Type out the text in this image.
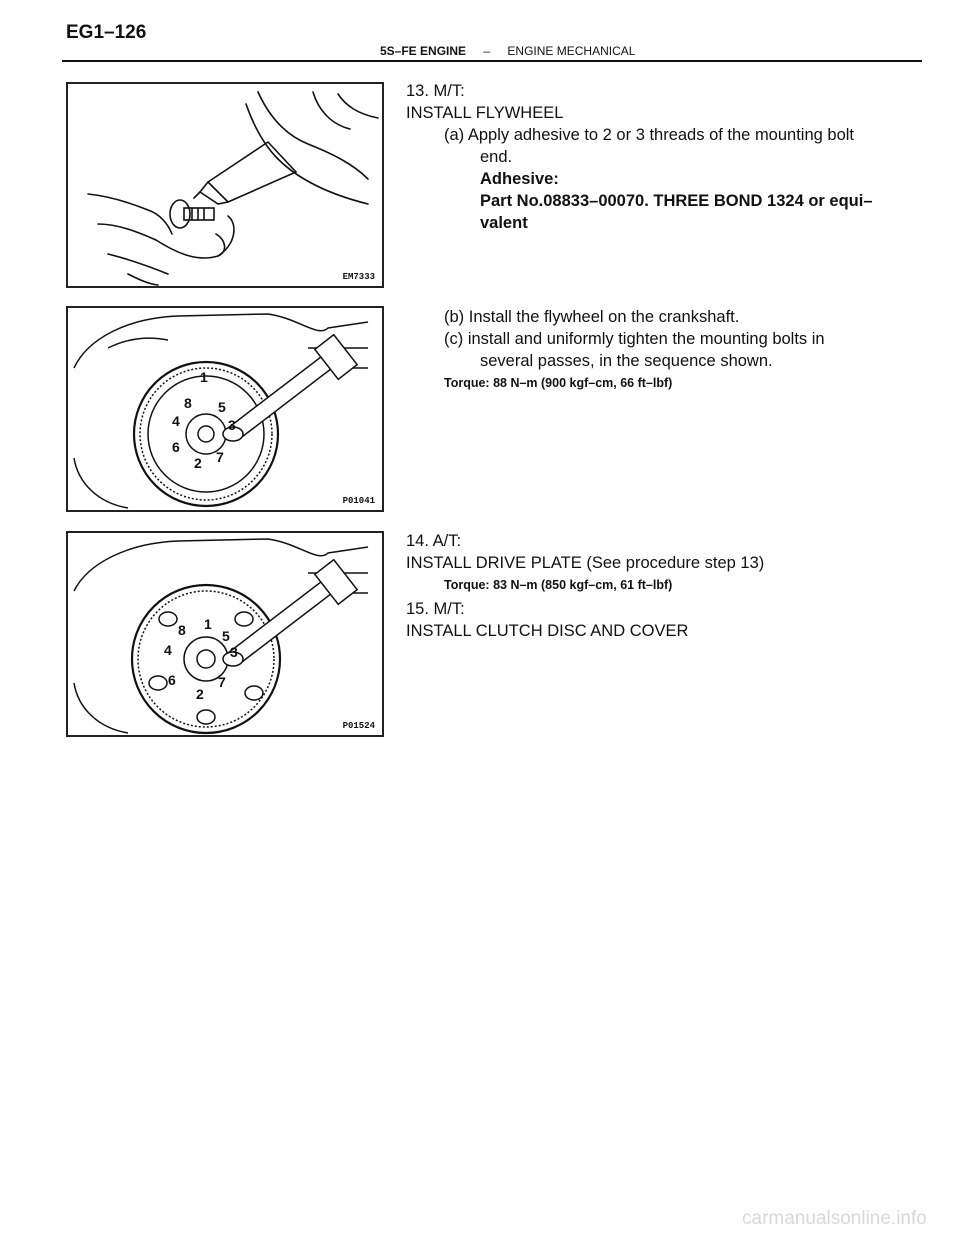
EG1–126
5S–FE ENGINE – ENGINE MECHANICAL
EM7333
1
2
3
4
5
6
7
8
P01041
1
2
3
4
5
6	7
8
P01524
13. M/T:
INSTALL FLYWHEEL
(a) Apply adhesive to 2 or 3 threads of the mounting bolt
end.
Adhesive:
Part No.08833–00070. THREE BOND 1324 or equi–
valent
(b) Install the flywheel on the crankshaft.
(c) install and uniformly tighten the mounting bolts in
several passes, in the sequence shown.
Torque: 88 N–m (900 kgf–cm, 66 ft–lbf)
14. A/T:
INSTALL DRIVE PLATE (See procedure step 13)
Torque: 83 N–m (850 kgf–cm, 61 ft–lbf)
15. M/T:
INSTALL CLUTCH DISC AND COVER
carmanualsonline.info
